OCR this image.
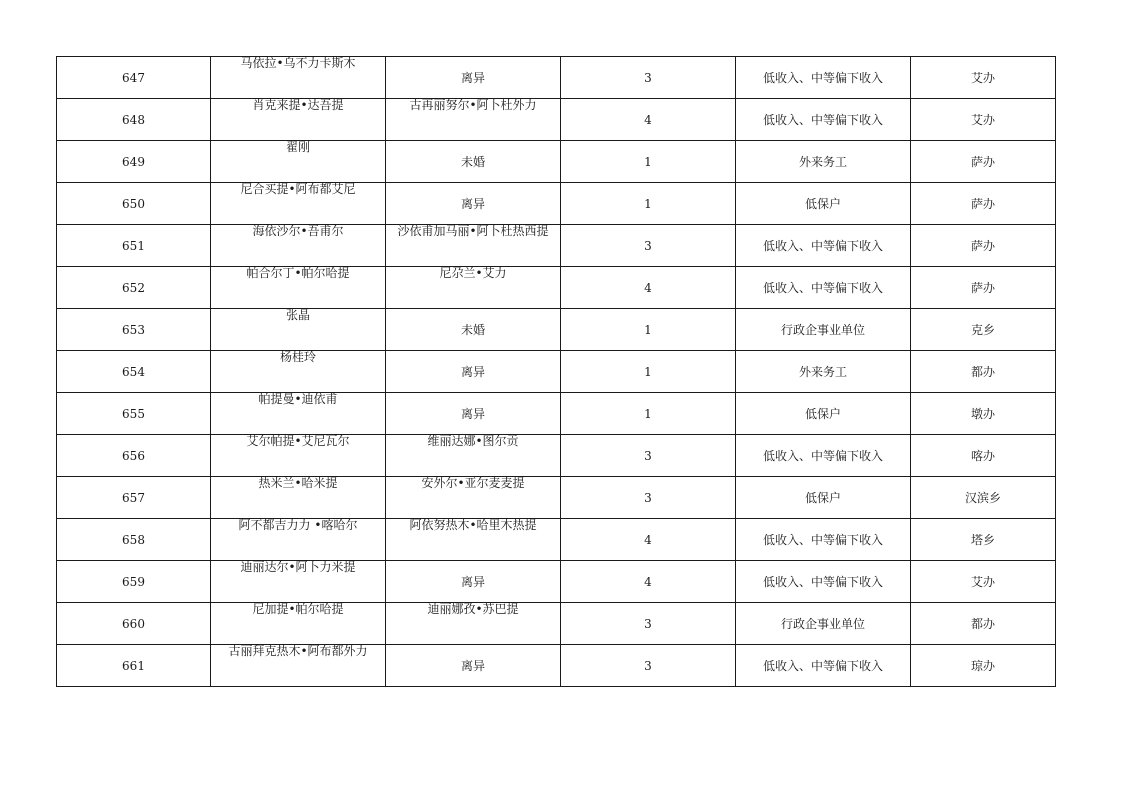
647	马依拉•乌不力卡斯木	离异	3	低收入、中等偏下收入	艾办
648	肖克来提•达吾提	古再丽努尔•阿卜杜外力	4	低收入、中等偏下收入	艾办
649	翟刚	未婚	1	外来务工	萨办
650	尼合买提•阿布都艾尼	离异	1	低保户	萨办
651	海依沙尔•吾甫尔	沙依甫加马丽•阿卜杜热西提	3	低收入、中等偏下收入	萨办
652	帕合尔丁•帕尔哈提	尼尕兰•艾力	4	低收入、中等偏下收入	萨办
653	张晶	未婚	1	行政企事业单位	克乡
654	杨桂玲	离异	1	外来务工	都办
655	帕提曼•迪依甫	离异	1	低保户	墩办
656	艾尔帕提•艾尼瓦尔	维丽达娜•图尔贡	3	低收入、中等偏下收入	喀办
657	热米兰•哈米提	安外尔•亚尔麦麦提	3	低保户	汉滨乡
658	阿不都吉力力 •喀哈尔	阿依努热木•哈里木热提	4	低收入、中等偏下收入	塔乡
659	迪丽达尔•阿卜力米提	离异	4	低收入、中等偏下收入	艾办
660	尼加提•帕尔哈提	迪丽娜孜•苏巴提	3	行政企事业单位	都办
661	古丽拜克热木•阿布都外力	离异	3	低收入、中等偏下收入	琼办
